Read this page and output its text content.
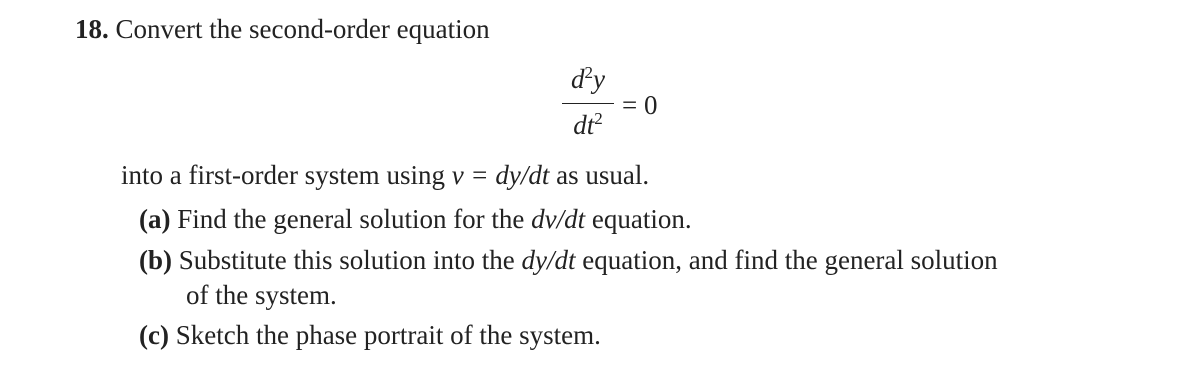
18. Convert the second-order equation
$d^2y$
$dt^2 = 0$
into a first-order system using v = dy/dt as usual.
(a) Find the general solution for the dv/dt equation.
(b) Substitute this solution into the dy/dt equation, and find the general solution
of the system.
(c) Sketch the phase portrait of the system.
